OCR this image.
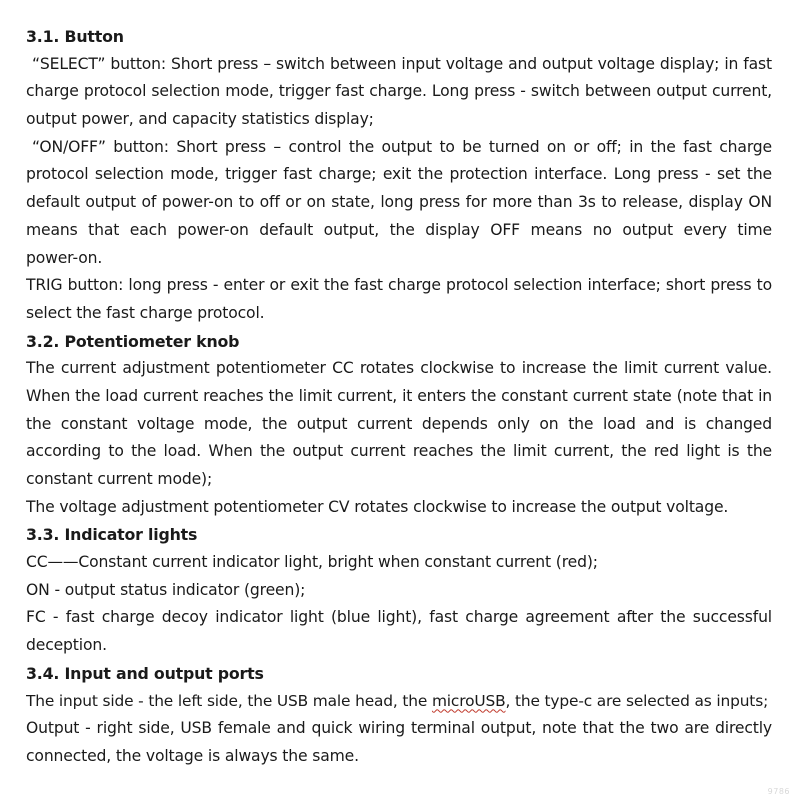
3.1. Button
“SELECT” button: Short press – switch between input voltage and output voltage display; in fast
charge protocol selection mode, trigger fast charge. Long press - switch between output current,
output power, and capacity statistics display;
“ON/OFF” button: Short press – control the output to be turned on or off; in the fast charge
protocol selection mode, trigger fast charge; exit the protection interface. Long press - set the
default output of power-on to off or on state, long press for more than 3s to release, display ON
means that each power-on default output, the display OFF means no output every time
power-on.
TRIG button: long press - enter or exit the fast charge protocol selection interface; short press to
select the fast charge protocol.
3.2. Potentiometer knob
The current adjustment potentiometer CC rotates clockwise to increase the limit current value.
When the load current reaches the limit current, it enters the constant current state (note that in
the constant voltage mode, the output current depends only on the load and is changed
according to the load. When the output current reaches the limit current, the red light is the
constant current mode);
The voltage adjustment potentiometer CV rotates clockwise to increase the output voltage.
3.3. Indicator lights
CC——Constant current indicator light, bright when constant current (red);
ON - output status indicator (green);
FC - fast charge decoy indicator light (blue light), fast charge agreement after the successful
deception.
3.4. Input and output ports
The input side - the left side, the USB male head, the microUSB, the type-c are selected as inputs;
Output - right side, USB female and quick wiring terminal output, note that the two are directly
connected, the voltage is always the same.
9786
